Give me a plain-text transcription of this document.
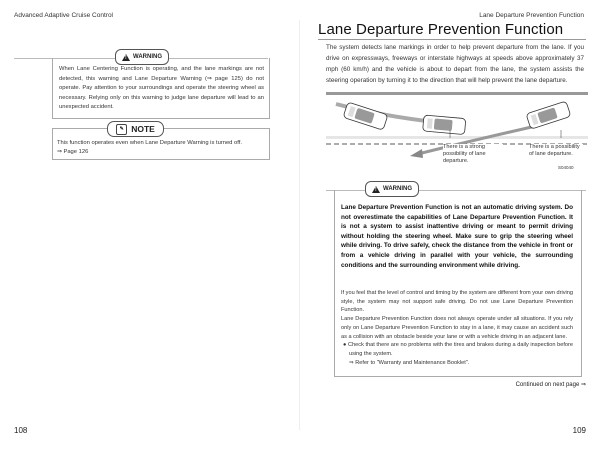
Advanced Adaptive Cruise Control	Lane Departure Prevention Function
!
WARNING
When Lane Centering Function is operating, and the lane markings are not detected, this warning and Lane Departure Warning (⇒ page 125) do not operate. Pay attention to your surroundings and operate the steering wheel as necessary. Relying only on this warning to judge lane departure will lead to an unexpected accident.
✎ NOTE
This function operates even when Lane Departure Warning is turned off.
⇒ Page 126
Lane Departure Prevention Function
The system detects lane markings in order to help prevent departure from the lane. If you drive on expressways, freeways or interstate highways at speeds above approximately 37 mph (60 km/h) and the vehicle is about to depart from the lane, the system assists the steering operation by turning it to the direction that will help prevent the lane departure.
There is a strong possibility of lane departure.
There is a possibility of lane departure.
S04040
!
WARNING
Lane Departure Prevention Function is not an automatic driving system. Do not overestimate the capabilities of Lane Departure Prevention Function. It is not a system to assist inattentive driving or meant to permit driving without holding the steering wheel. Make sure to grip the steering wheel while driving. To drive safely, check the distance from the vehicle in front or from a vehicle driving in parallel with your vehicle, the surrounding conditions and the surrounding environment while driving.

If you feel that the level of control and timing by the system are different from your own driving style, the system may not support safe driving. Do not use Lane Departure Prevention Function.

Lane Departure Prevention Function does not always operate under all situations. If you rely only on Lane Departure Prevention Function to stay in a lane, it may cause an accident such as a collision with an obstacle beside your lane or with a vehicle driving in an adjacent lane.

● Check that there are no problems with the tires and brakes during a daily inspection before using the system.

⇒ Refer to "Warranty and Maintenance Booklet".

Continued on next page ⇒
108	109
